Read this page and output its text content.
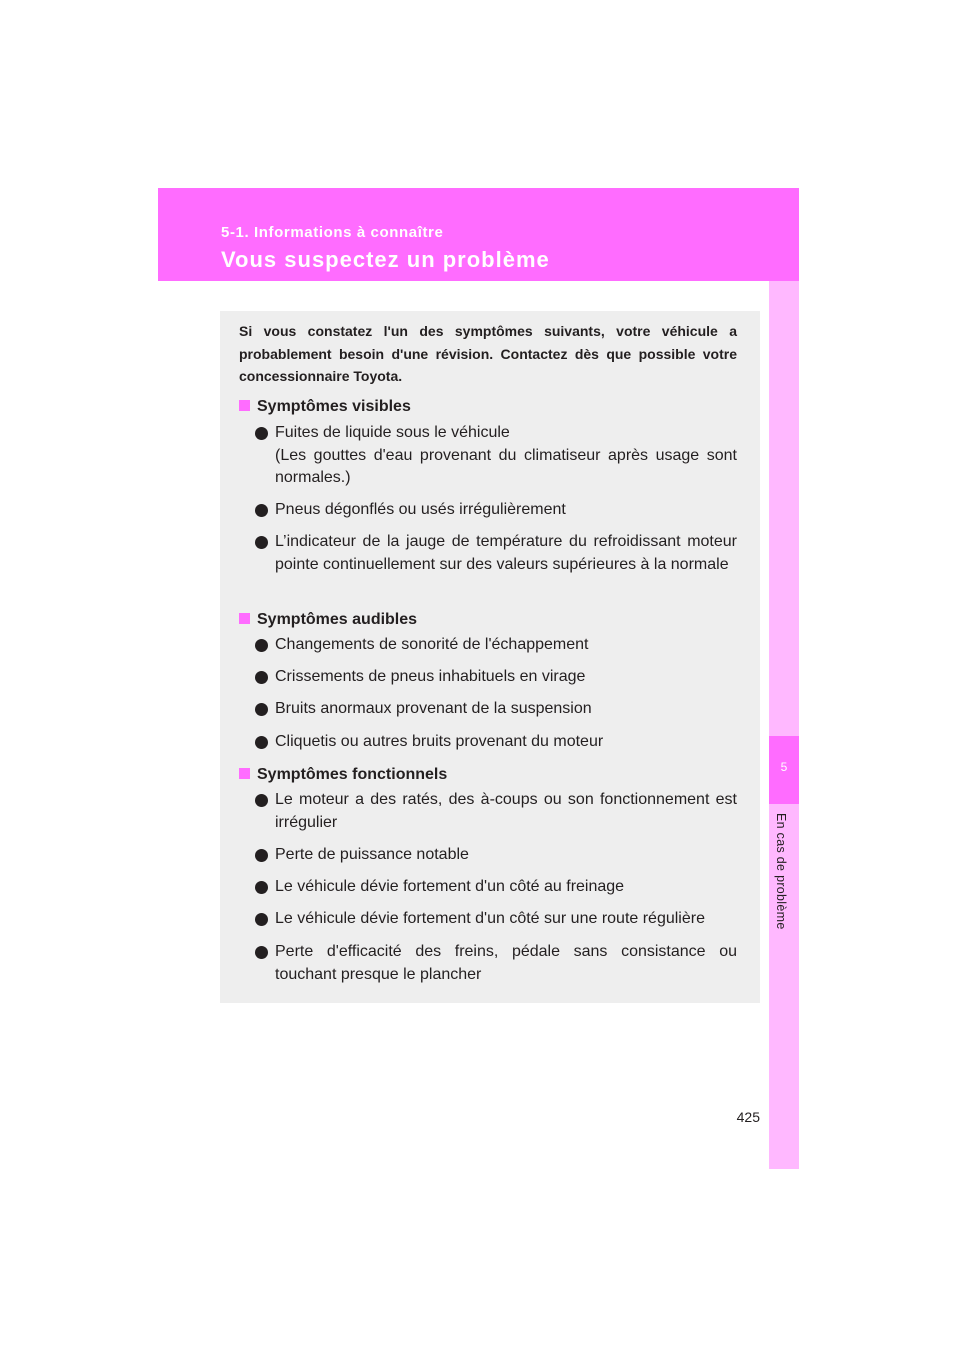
5-1. Informations à connaître
Vous suspectez un problème
5
En cas de problème
Si vous constatez l'un des symptômes suivants, votre véhicule a probablement besoin d'une révision. Contactez dès que possible votre concessionnaire Toyota.
Symptômes visibles
Fuites de liquide sous le véhicule
(Les gouttes d'eau provenant du climatiseur après usage sont normales.)
Pneus dégonflés ou usés irrégulièrement
L’indicateur de la jauge de température du refroidissant moteur pointe continuellement sur des valeurs supérieures à la normale
Symptômes audibles
Changements de sonorité de l'échappement
Crissements de pneus inhabituels en virage
Bruits anormaux provenant de la suspension
Cliquetis ou autres bruits provenant du moteur
Symptômes fonctionnels
Le moteur a des ratés, des à-coups ou son fonctionnement est irrégulier
Perte de puissance notable
Le véhicule dévie fortement d'un côté au freinage
Le véhicule dévie fortement d'un côté sur une route régulière
Perte d'efficacité des freins, pédale sans consistance ou touchant presque le plancher
425
